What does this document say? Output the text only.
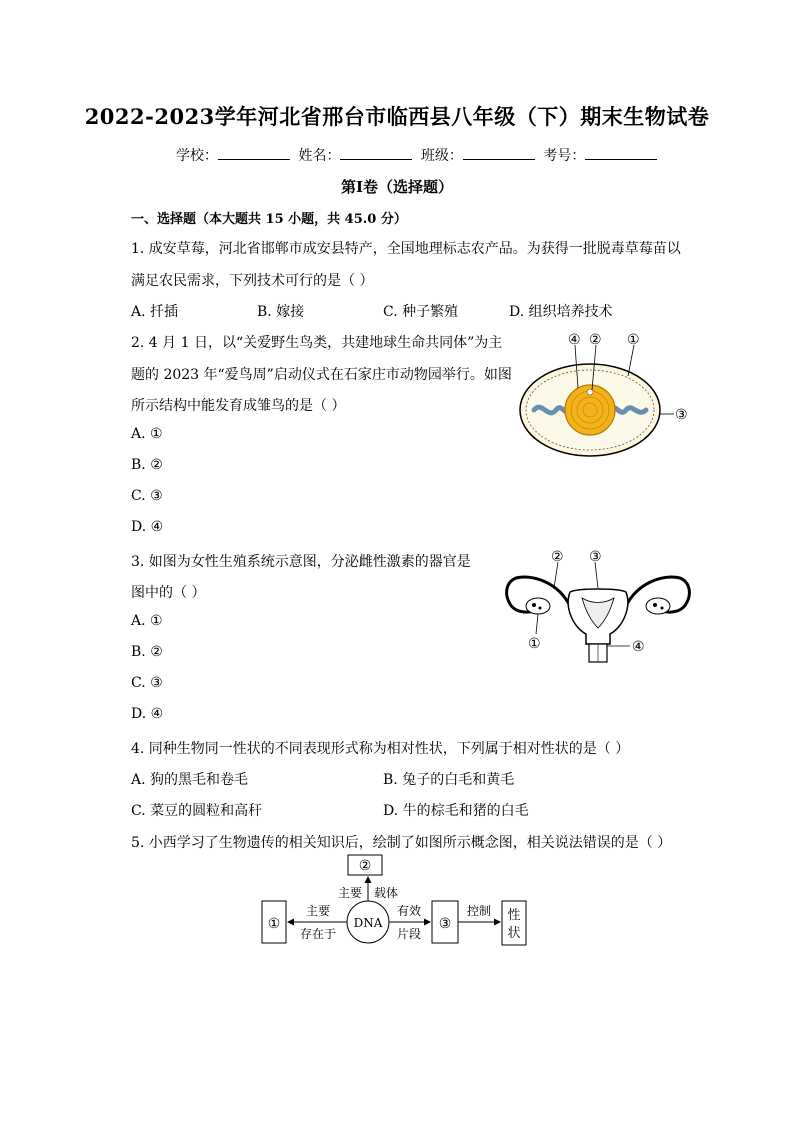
2022-2023学年河北省邢台市临西县八年级（下）期末生物试卷
学校：	姓名：	班级：	考号：
第I卷（选择题）
一、选择题（本大题共 15 小题，共 45.0 分）
1. 成安草莓，河北省邯郸市成安县特产，全国地理标志农产品。为获得一批脱毒草莓苗以
满足农民需求，下列技术可行的是（ ）
A. 扦插	B. 嫁接	C. 种子繁殖	D. 组织培养技术
2. 4 月 1 日，以“关爱野生鸟类，共建地球生命共同体”为主
题的 2023 年“爱鸟周”启动仪式在石家庄市动物园举行。如图
所示结构中能发育成雏鸟的是（ ）
A. ①
B. ②
C. ③
D. ④
④ ② ①
③
3. 如图为女性生殖系统示意图，分泌雌性激素的器官是
图中的（ ）
A. ①
B. ②
C. ③
D. ④
② ③
①	④
4. 同种生物同一性状的不同表现形式称为相对性状，下列属于相对性状的是（ ）
A. 狗的黑毛和卷毛	B. 兔子的白毛和黄毛
C. 菜豆的圆粒和高秆	D. 牛的棕毛和猪的白毛
5. 小西学习了生物遗传的相关知识后，绘制了如图所示概念图，相关说法错误的是（ ）
②
①	DNA	③
性
状
主要 载体
主要
存在于
有效
片段
控制
